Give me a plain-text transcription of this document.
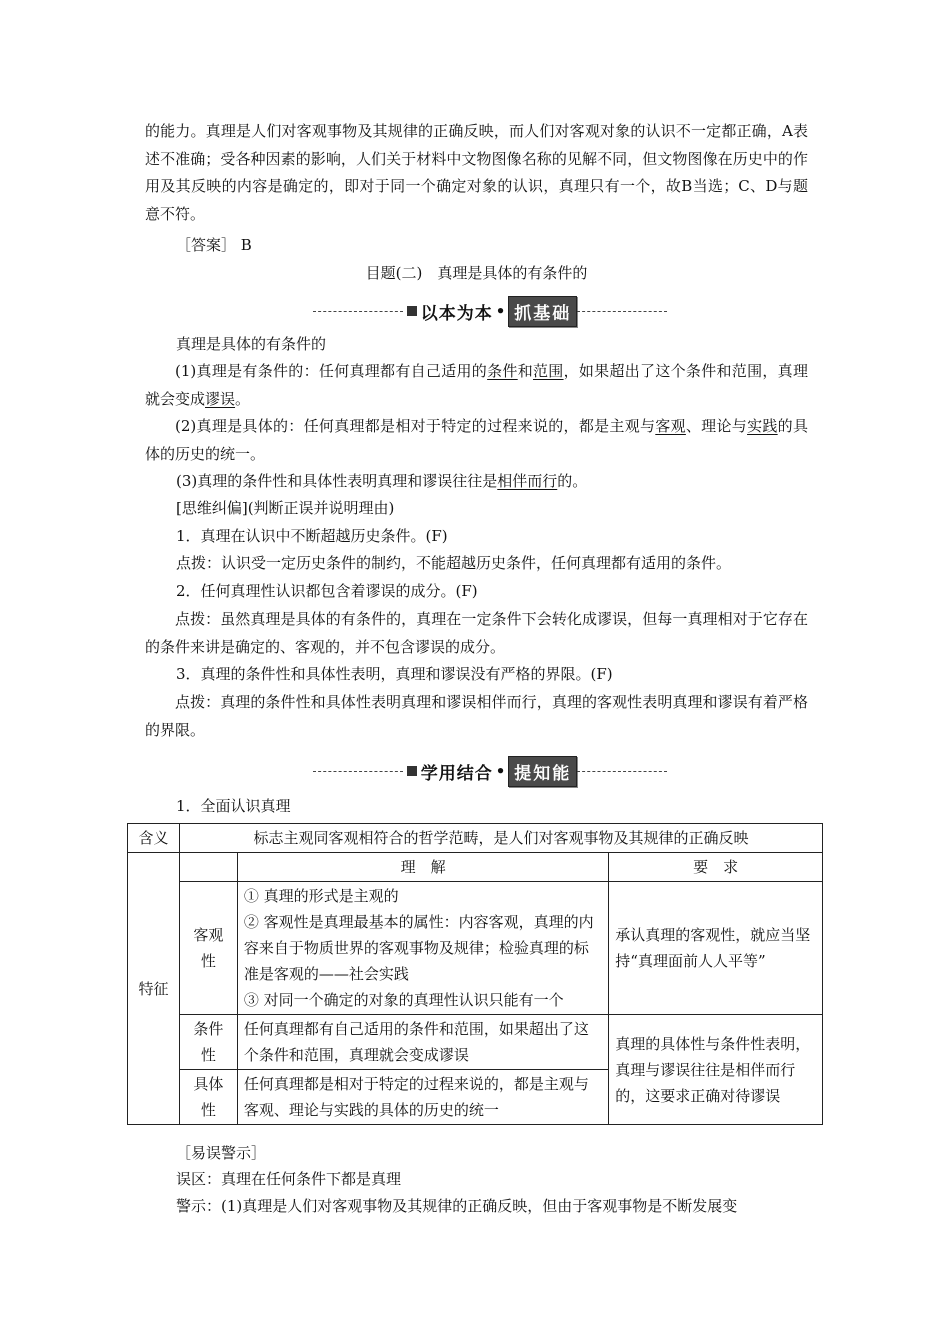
的能力。真理是人们对客观事物及其规律的正确反映，而人们对客观对象的认识不一定都正确，A表述不准确；受各种因素的影响，人们关于材料中文物图像名称的见解不同，但文物图像在历史中的作用及其反映的内容是确定的，即对于同一个确定对象的认识，真理只有一个，故B当选；C、D与题意不符。

［答案］ B

目题(二)　真理是具体的有条件的
以本为本 • 抓基础

真理是具体的有条件的

(1)真理是有条件的：任何真理都有自己适用的条件和范围，如果超出了这个条件和范围，真理就会变成谬误。

(2)真理是具体的：任何真理都是相对于特定的过程来说的，都是主观与客观、理论与实践的具体的历史的统一。

(3)真理的条件性和具体性表明真理和谬误往往是相伴而行的。

[思维纠偏](判断正误并说明理由)

1．真理在认识中不断超越历史条件。(F)

点拨：认识受一定历史条件的制约，不能超越历史条件，任何真理都有适用的条件。

2．任何真理性认识都包含着谬误的成分。(F)

点拨：虽然真理是具体的有条件的，真理在一定条件下会转化成谬误，但每一真理相对于它存在的条件来讲是确定的、客观的，并不包含谬误的成分。

3．真理的条件性和具体性表明，真理和谬误没有严格的界限。(F)

点拨：真理的条件性和具体性表明真理和谬误相伴而行，真理的客观性表明真理和谬误有着严格的界限。

学用结合 • 提知能

1．全面认识真理

含义	标志主观同客观相符合的哲学范畴，是人们对客观事物及其规律的正确反映		
特征		理　解	要　求
	客观性	① 真理的形式是主观的
② 客观性是真理最基本的属性：内容客观，真理的内容来自于物质世界的客观事物及规律；检验真理的标准是客观的——社会实践
③ 对同一个确定的对象的真理性认识只能有一个	承认真理的客观性，就应当坚持“真理面前人人平等”
	条件性	任何真理都有自己适用的条件和范围，如果超出了这个条件和范围，真理就会变成谬误	真理的具体性与条件性表明，真理与谬误往往是相伴而行的，这要求正确对待谬误
	具体性	任何真理都是相对于特定的过程来说的，都是主观与客观、理论与实践的具体的历史的统一	

［易误警示］

误区：真理在任何条件下都是真理

警示：(1)真理是人们对客观事物及其规律的正确反映，但由于客观事物是不断发展变
